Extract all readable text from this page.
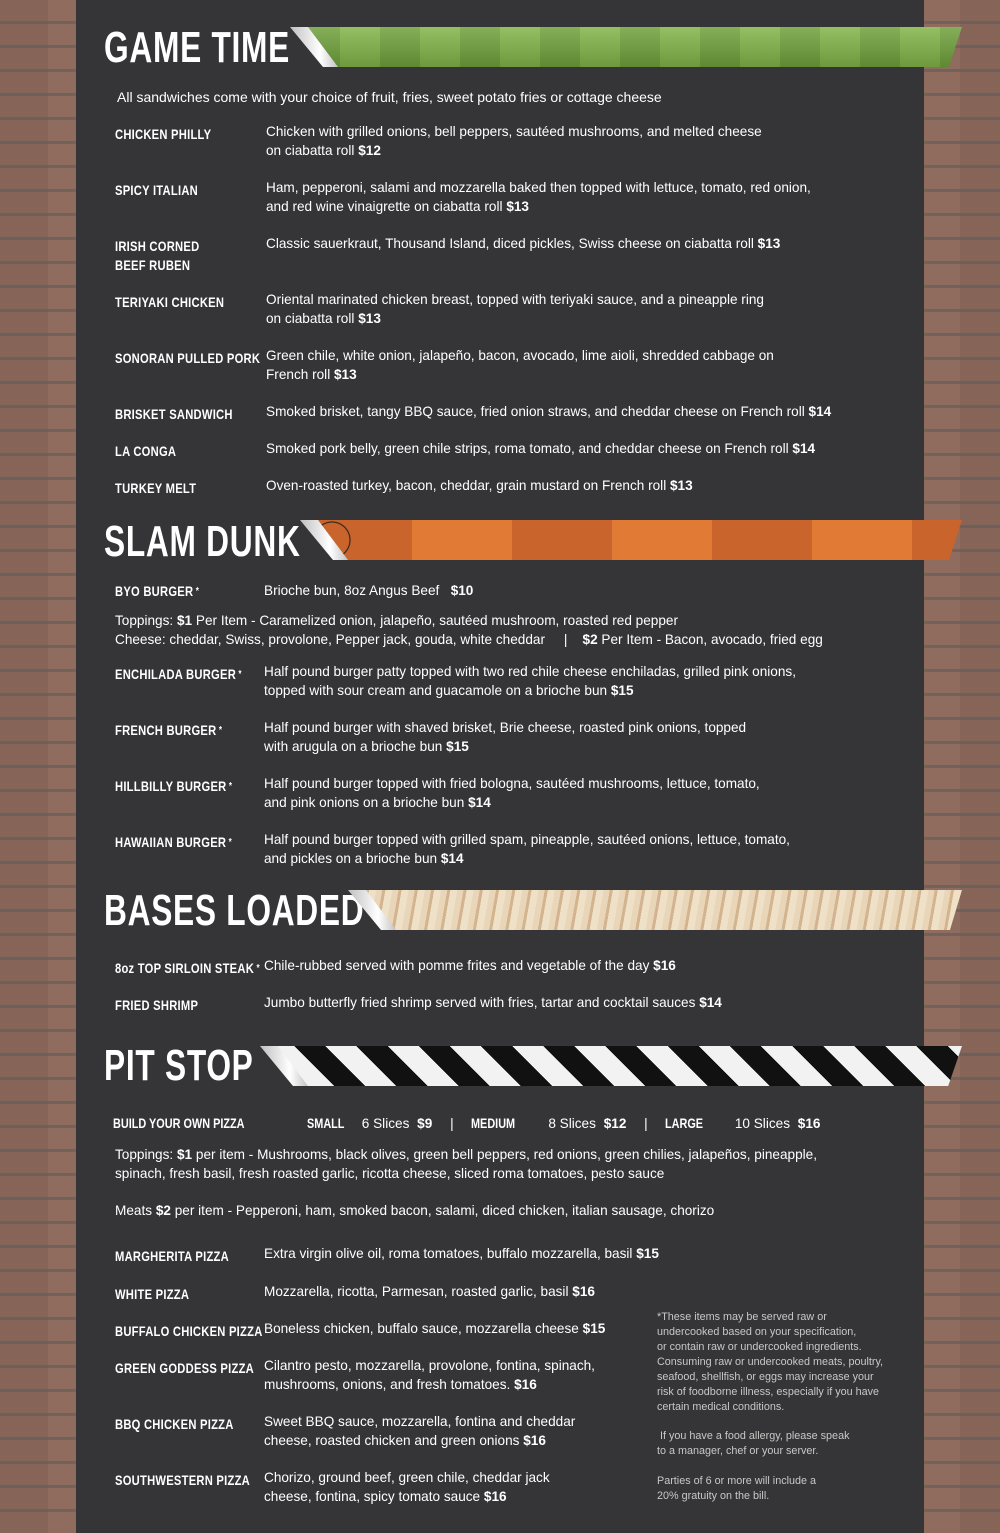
GAME TIME

All sandwiches come with your choice of fruit, fries, sweet potato fries or cottage cheese

CHICKEN PHILLY	Chicken with grilled onions, bell peppers, sautéed mushrooms, and melted cheese
on ciabatta roll $12
SPICY ITALIAN	Ham, pepperoni, salami and mozzarella baked then topped with lettuce, tomato, red onion,
and red wine vinaigrette on ciabatta roll $13
IRISH CORNED
BEEF RUBEN
Classic sauerkraut, Thousand Island, diced pickles, Swiss cheese on ciabatta roll $13
TERIYAKI CHICKEN	Oriental marinated chicken breast, topped with teriyaki sauce, and a pineapple ring
on ciabatta roll $13
SONORAN PULLED PORK Green chile, white onion, jalapeño, bacon, avocado, lime aioli, shredded cabbage on
French roll $13
BRISKET SANDWICH Smoked brisket, tangy BBQ sauce, fried onion straws, and cheddar cheese on French roll $14
LA CONGA	Smoked pork belly, green chile strips, roma tomato, and cheddar cheese on French roll $14
TURKEY MELT	Oven-roasted turkey, bacon, cheddar, grain mustard on French roll $13
SLAM DUNK
BYO BURGER *	Brioche bun, 8oz Angus Beef $10
Toppings: $1 Per Item - Caramelized onion, jalapeño, sautéed mushroom, roasted red pepper
Cheese: cheddar, Swiss, provolone, Pepper jack, gouda, white cheddar | $2 Per Item - Bacon, avocado, fried egg
ENCHILADA BURGER * Half pound burger patty topped with two red chile cheese enchiladas, grilled pink onions,
topped with sour cream and guacamole on a brioche bun $15
FRENCH BURGER *	Half pound burger with shaved brisket, Brie cheese, roasted pink onions, topped
with arugula on a brioche bun $15
HILLBILLY BURGER * Half pound burger topped with fried bologna, sautéed mushrooms, lettuce, tomato,
and pink onions on a brioche bun $14
HAWAIIAN BURGER * Half pound burger topped with grilled spam, pineapple, sautéed onions, lettuce, tomato,
and pickles on a brioche bun $14
BASES LOADED
8oz TOP SIRLOIN STEAK * Chile-rubbed served with pomme frites and vegetable of the day $16
FRIED SHRIMP	Jumbo butterfly fried shrimp served with fries, tartar and cocktail sauces $14
PIT STOP
BUILD YOUR OWN PIZZA	SMALL 6 Slices $9 | MEDIUM 8 Slices $12 | LARGE 10 Slices $16
Toppings: $1 per item - Mushrooms, black olives, green bell peppers, red onions, green chilies, jalapeños, pineapple,
spinach, fresh basil, fresh roasted garlic, ricotta cheese, sliced roma tomatoes, pesto sauce
Meats $2 per item - Pepperoni, ham, smoked bacon, salami, diced chicken, italian sausage, chorizo
MARGHERITA PIZZA	Extra virgin olive oil, roma tomatoes, buffalo mozzarella, basil $15
WHITE PIZZA	Mozzarella, ricotta, Parmesan, roasted garlic, basil $16
BUFFALO CHICKEN PIZZA Boneless chicken, buffalo sauce, mozzarella cheese $15
GREEN GODDESS PIZZA Cilantro pesto, mozzarella, provolone, fontina, spinach,
mushrooms, onions, and fresh tomatoes. $16
BBQ CHICKEN PIZZA Sweet BBQ sauce, mozzarella, fontina and cheddar
cheese, roasted chicken and green onions $16
SOUTHWESTERN PIZZA Chorizo, ground beef, green chile, cheddar jack
cheese, fontina, spicy tomato sauce $16
*These items may be served raw or
undercooked based on your specification,
or contain raw or undercooked ingredients.
Consuming raw or undercooked meats, poultry,
seafood, shellfish, or eggs may increase your
risk of foodborne illness, especially if you have
certain medical conditions.
If you have a food allergy, please speak
to a manager, chef or your server.
Parties of 6 or more will include a
20% gratuity on the bill.
